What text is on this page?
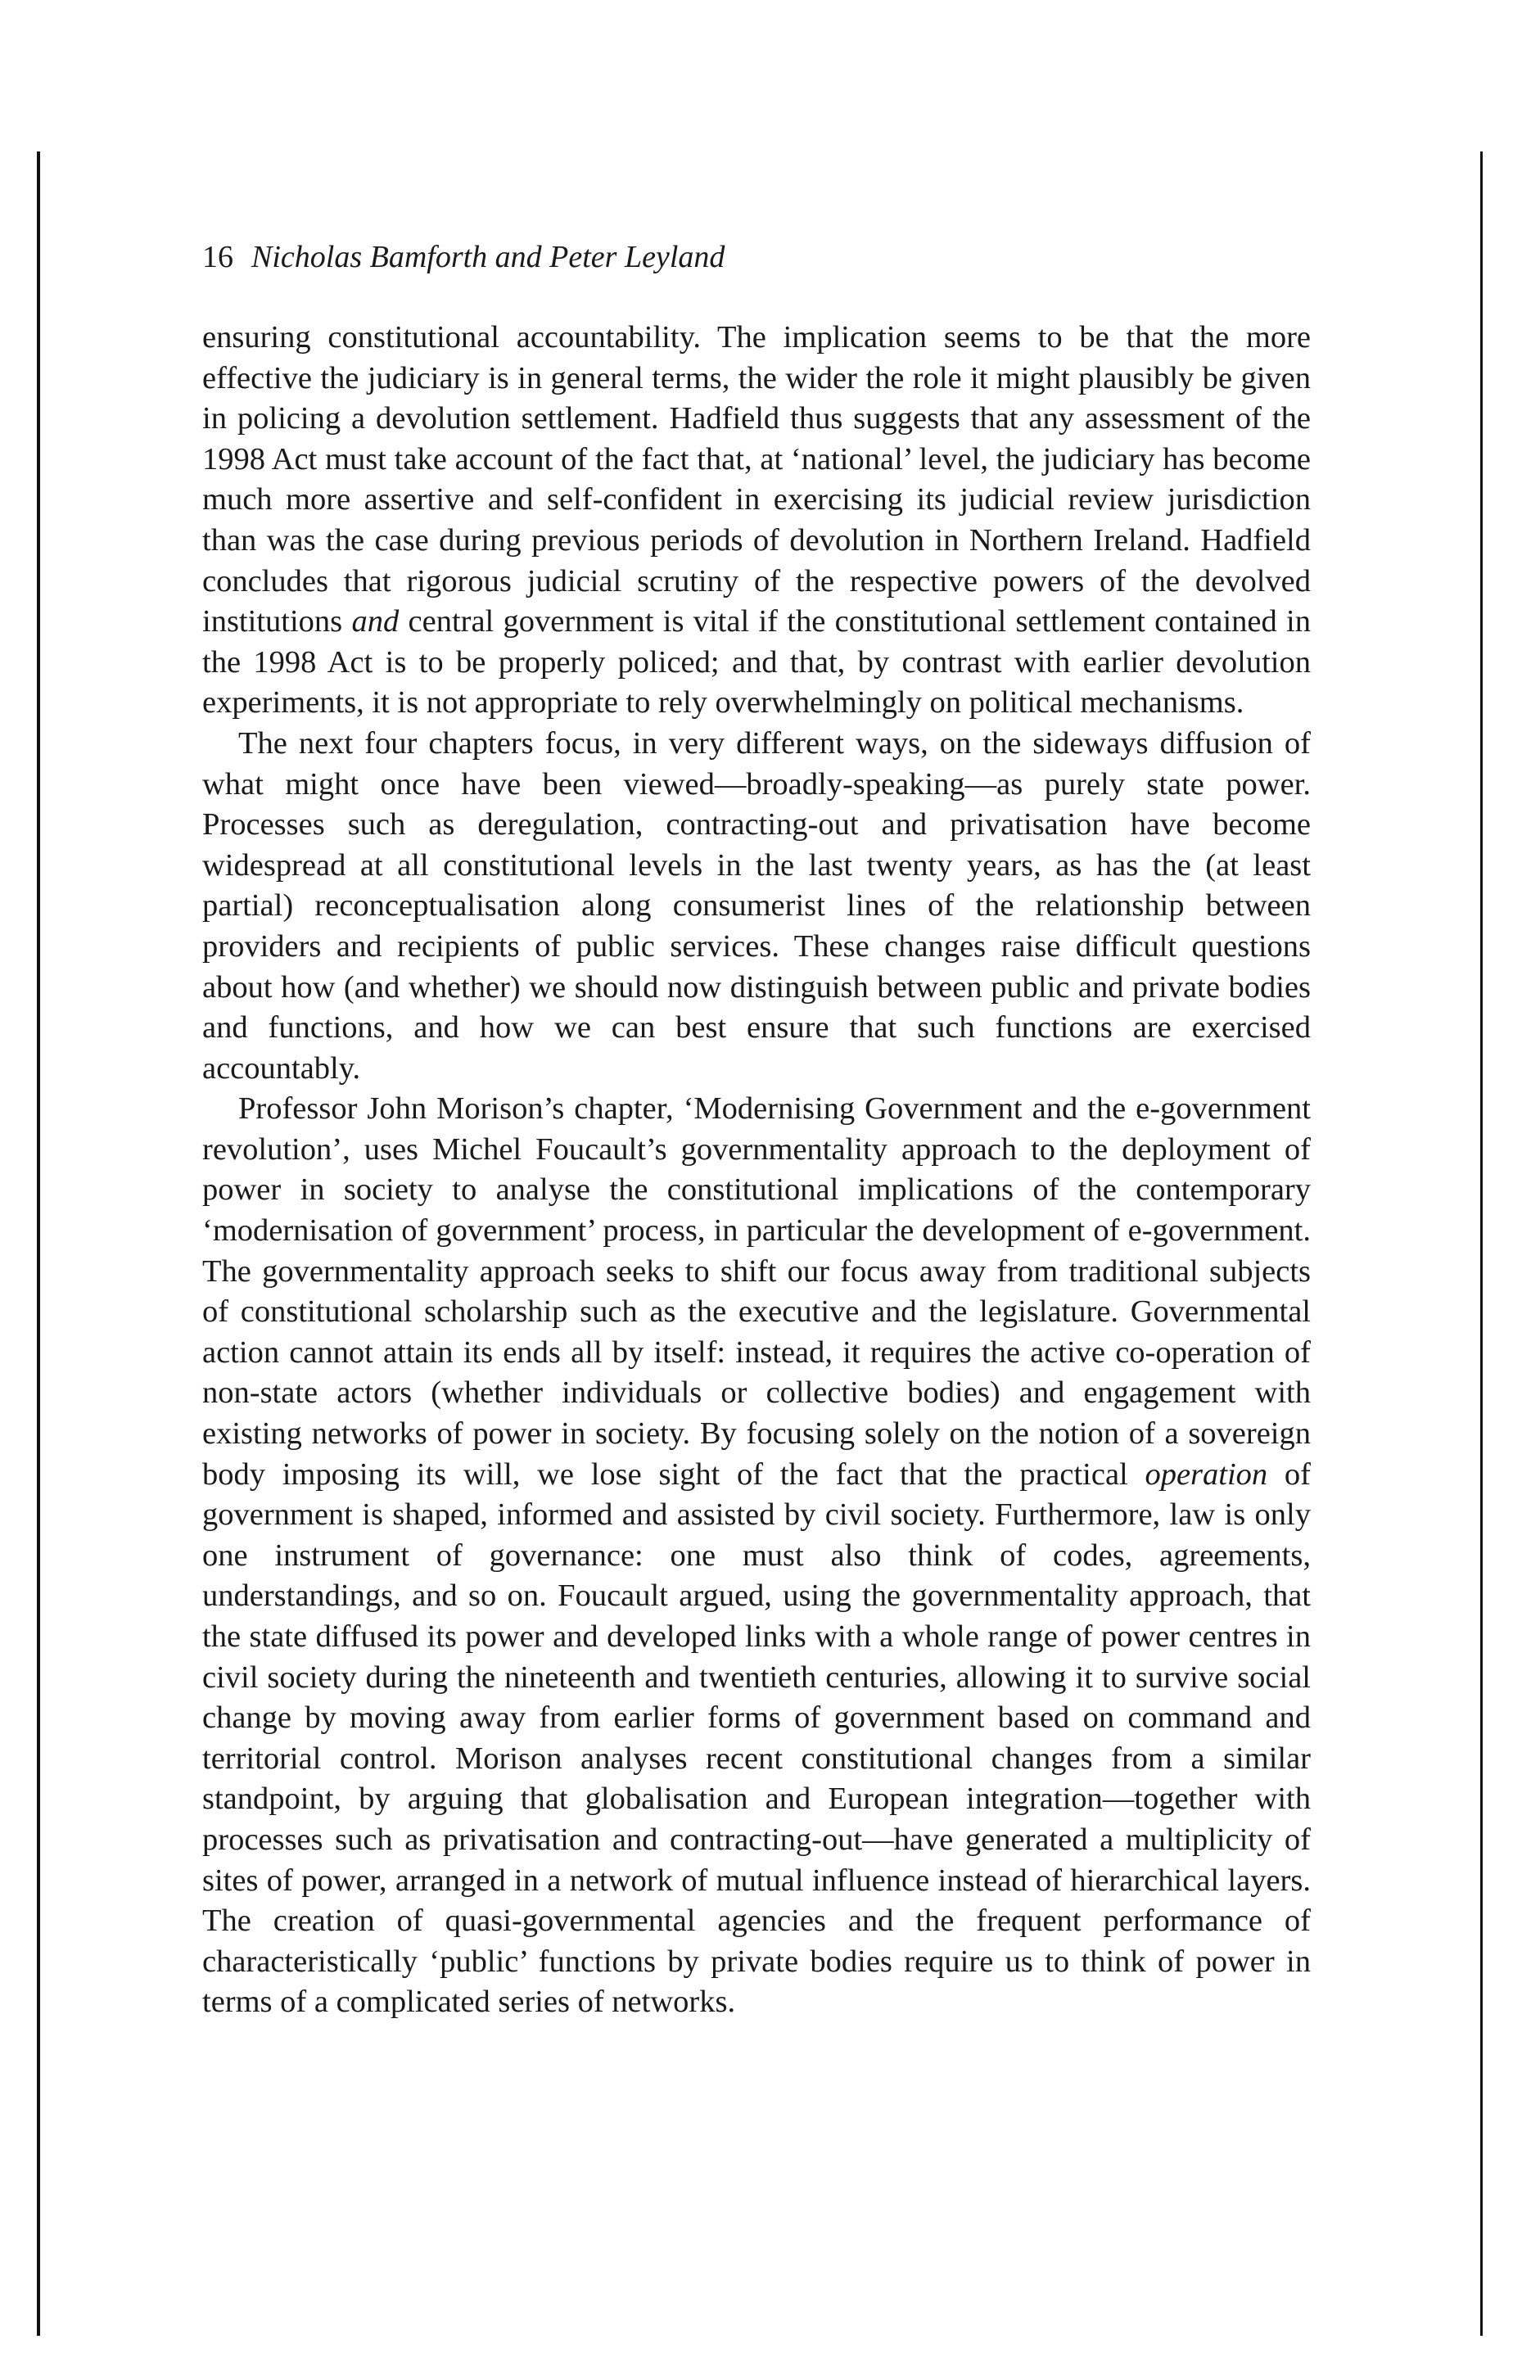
16 Nicholas Bamforth and Peter Leyland

ensuring constitutional accountability. The implication seems to be that the more effective the judiciary is in general terms, the wider the role it might plausibly be given in policing a devolution settlement. Hadfield thus suggests that any assessment of the 1998 Act must take account of the fact that, at ‘national’ level, the judiciary has become much more assertive and self-confident in exercising its judicial review jurisdiction than was the case during previous periods of devolution in Northern Ireland. Hadfield concludes that rigorous judicial scrutiny of the respective powers of the devolved institutions and central government is vital if the constitutional settlement contained in the 1998 Act is to be properly policed; and that, by contrast with earlier devolution experiments, it is not appropriate to rely overwhelmingly on political mechanisms.

The next four chapters focus, in very different ways, on the sideways diffusion of what might once have been viewed—broadly-speaking—as purely state power. Processes such as deregulation, contracting-out and privatisation have become widespread at all constitutional levels in the last twenty years, as has the (at least partial) reconceptualisation along consumerist lines of the relationship between providers and recipients of public services. These changes raise difficult questions about how (and whether) we should now distinguish between public and private bodies and functions, and how we can best ensure that such functions are exercised accountably.

Professor John Morison’s chapter, ‘Modernising Government and the e-government revolution’, uses Michel Foucault’s governmentality approach to the deployment of power in society to analyse the constitutional implications of the contemporary ‘modernisation of government’ process, in particular the development of e-government. The governmentality approach seeks to shift our focus away from traditional subjects of constitutional scholarship such as the executive and the legislature. Governmental action cannot attain its ends all by itself: instead, it requires the active co-operation of non-state actors (whether individuals or collective bodies) and engagement with existing networks of power in society. By focusing solely on the notion of a sovereign body imposing its will, we lose sight of the fact that the practical operation of government is shaped, informed and assisted by civil society. Furthermore, law is only one instrument of governance: one must also think of codes, agreements, understandings, and so on. Foucault argued, using the governmentality approach, that the state diffused its power and developed links with a whole range of power centres in civil society during the nineteenth and twentieth centuries, allowing it to survive social change by moving away from earlier forms of government based on command and territorial control. Morison analyses recent constitutional changes from a similar standpoint, by arguing that globalisation and European integration—together with processes such as privatisation and contracting-out—have generated a multiplicity of sites of power, arranged in a network of mutual influence instead of hierarchical layers. The creation of quasi-governmental agencies and the frequent performance of characteristically ‘public’ functions by private bodies require us to think of power in terms of a complicated series of networks.
